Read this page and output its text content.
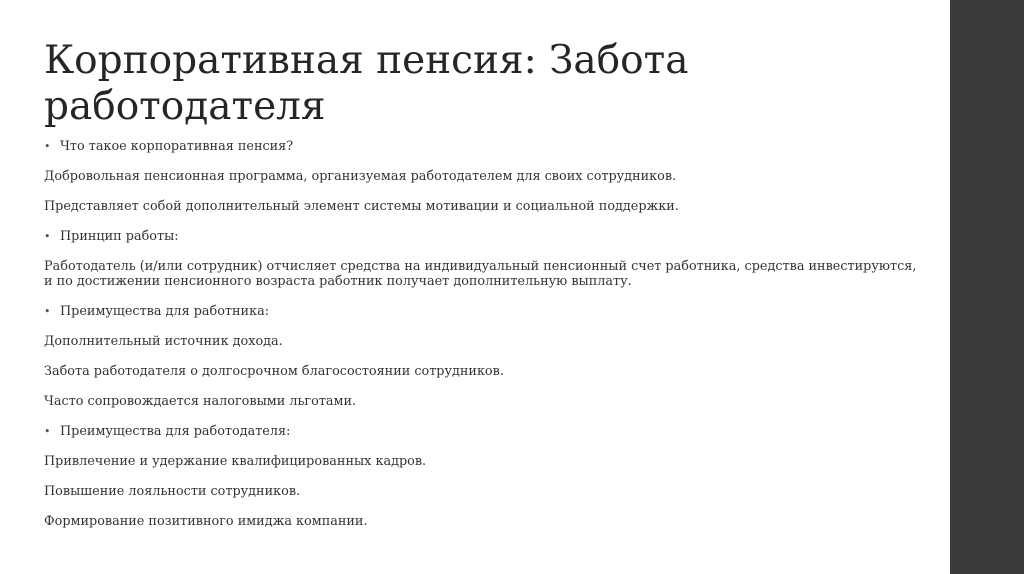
Корпоративная пенсия: Забота
работодателя

• Что такое корпоративная пенсия?

Добровольная пенсионная программа, организуемая работодателем для своих сотрудников.

Представляет собой дополнительный элемент системы мотивации и социальной поддержки.

• Принцип работы:

Работодатель (и/или сотрудник) отчисляет средства на индивидуальный пенсионный счет работника, средства инвестируются, и по достижении пенсионного возраста работник получает дополнительную выплату.

• Преимущества для работника:

Дополнительный источник дохода.

Забота работодателя о долгосрочном благосостоянии сотрудников.

Часто сопровождается налоговыми льготами.

• Преимущества для работодателя:

Привлечение и удержание квалифицированных кадров.

Повышение лояльности сотрудников.

Формирование позитивного имиджа компании.
